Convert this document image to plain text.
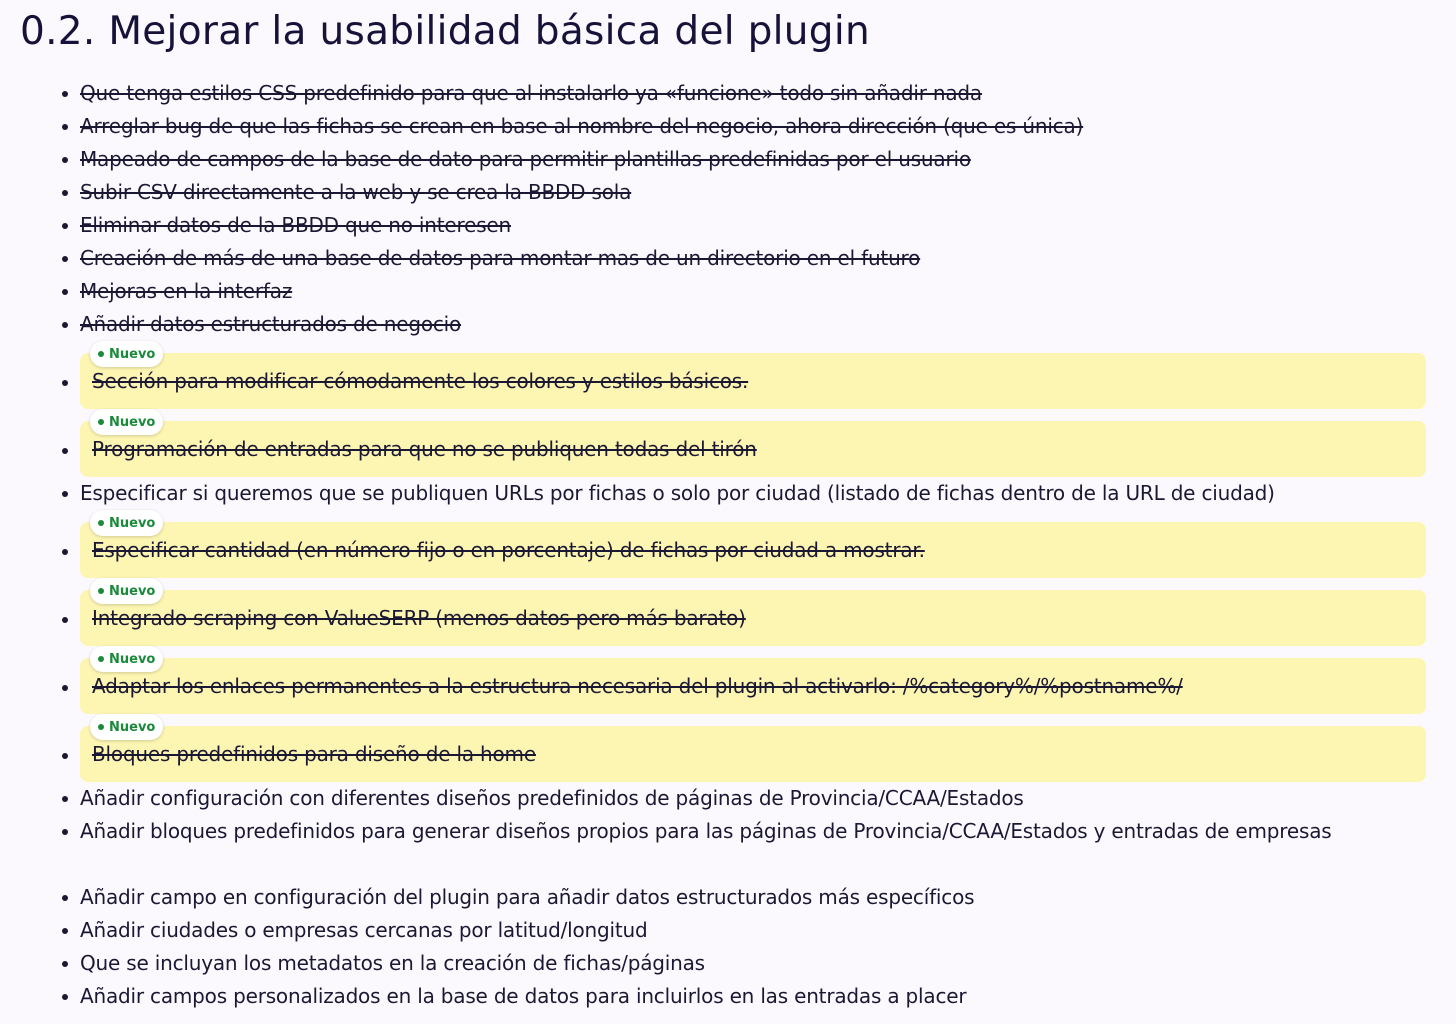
0.2. Mejorar la usabilidad básica del plugin
Que tenga estilos CSS predefinido para que al instalarlo ya «funcione» todo sin añadir nada
Arreglar bug de que las fichas se crean en base al nombre del negocio, ahora dirección (que es única)
Mapeado de campos de la base de dato para permitir plantillas predefinidas por el usuario
Subir CSV directamente a la web y se crea la BBDD sola
Eliminar datos de la BBDD que no interesen
Creación de más de una base de datos para montar mas de un directorio en el futuro
Mejoras en la interfaz
Añadir datos estructurados de negocio
Nuevo
Sección para modificar cómodamente los colores y estilos básicos.
Nuevo
Programación de entradas para que no se publiquen todas del tirón
Especificar si queremos que se publiquen URLs por fichas o solo por ciudad (listado de fichas dentro de la URL de ciudad)
Nuevo
Especificar cantidad (en número fijo o en porcentaje) de fichas por ciudad a mostrar.
Nuevo
Integrado scraping con ValueSERP (menos datos pero más barato)
Nuevo
Adaptar los enlaces permanentes a la estructura necesaria del plugin al activarlo: /%category%/%postname%/
Nuevo
Bloques predefinidos para diseño de la home
Añadir configuración con diferentes diseños predefinidos de páginas de Provincia/CCAA/Estados
Añadir bloques predefinidos para generar diseños propios para las páginas de Provincia/CCAA/Estados y entradas de empresas
Añadir campo en configuración del plugin para añadir datos estructurados más específicos
Añadir ciudades o empresas cercanas por latitud/longitud
Que se incluyan los metadatos en la creación de fichas/páginas
Añadir campos personalizados en la base de datos para incluirlos en las entradas a placer
